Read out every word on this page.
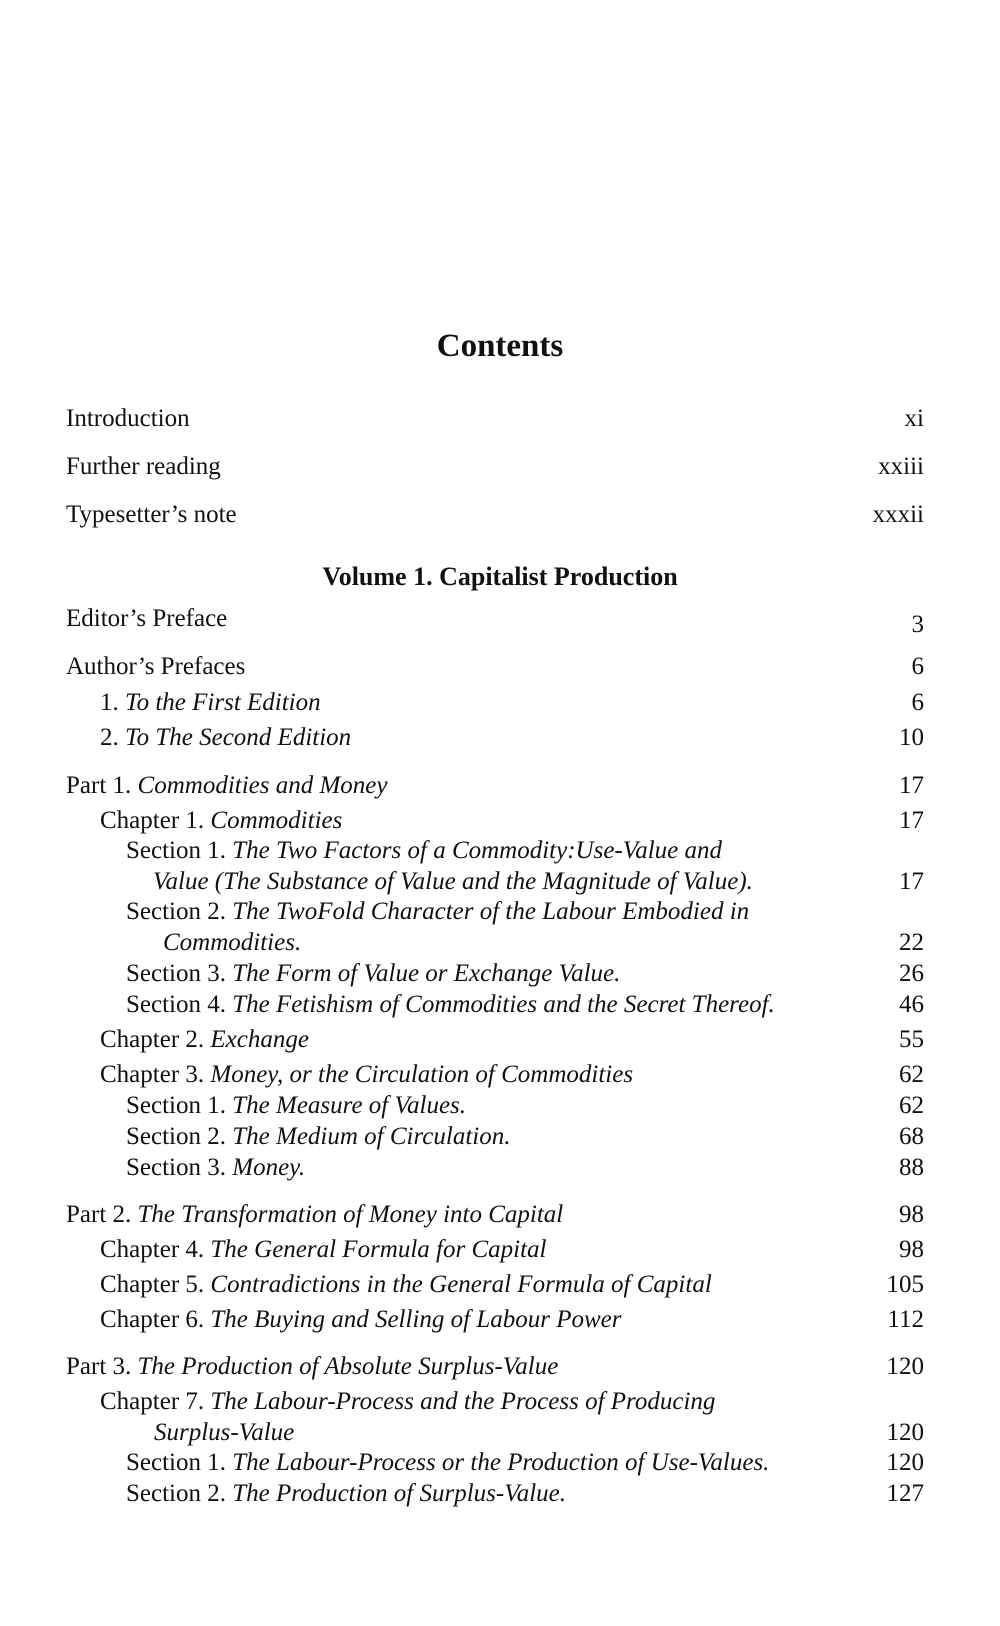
Contents
Introduction	xi
Further reading	xxiii
Typesetter’s note	xxxii
Volume 1. Capitalist Production
Editor’s Preface	3
Author’s Prefaces	6
1. To the First Edition	6
2. To The Second Edition	10
Part 1. Commodities and Money	17
Chapter 1. Commodities	17
Section 1. The Two Factors of a Commodity:Use-Value and
Value (The Substance of Value and the Magnitude of Value).	17
Section 2. The TwoFold Character of the Labour Embodied in
Commodities.	22
Section 3. The Form of Value or Exchange Value.	26
Section 4. The Fetishism of Commodities and the Secret Thereof.	46
Chapter 2. Exchange	55
Chapter 3. Money, or the Circulation of Commodities	62
Section 1. The Measure of Values.	62
Section 2. The Medium of Circulation.	68
Section 3. Money.	88
Part 2. The Transformation of Money into Capital	98
Chapter 4. The General Formula for Capital	98
Chapter 5. Contradictions in the General Formula of Capital	105
Chapter 6. The Buying and Selling of Labour Power	112
Part 3. The Production of Absolute Surplus-Value	120
Chapter 7. The Labour-Process and the Process of Producing
Surplus-Value	120
Section 1. The Labour-Process or the Production of Use-Values.	120
Section 2. The Production of Surplus-Value.	127
